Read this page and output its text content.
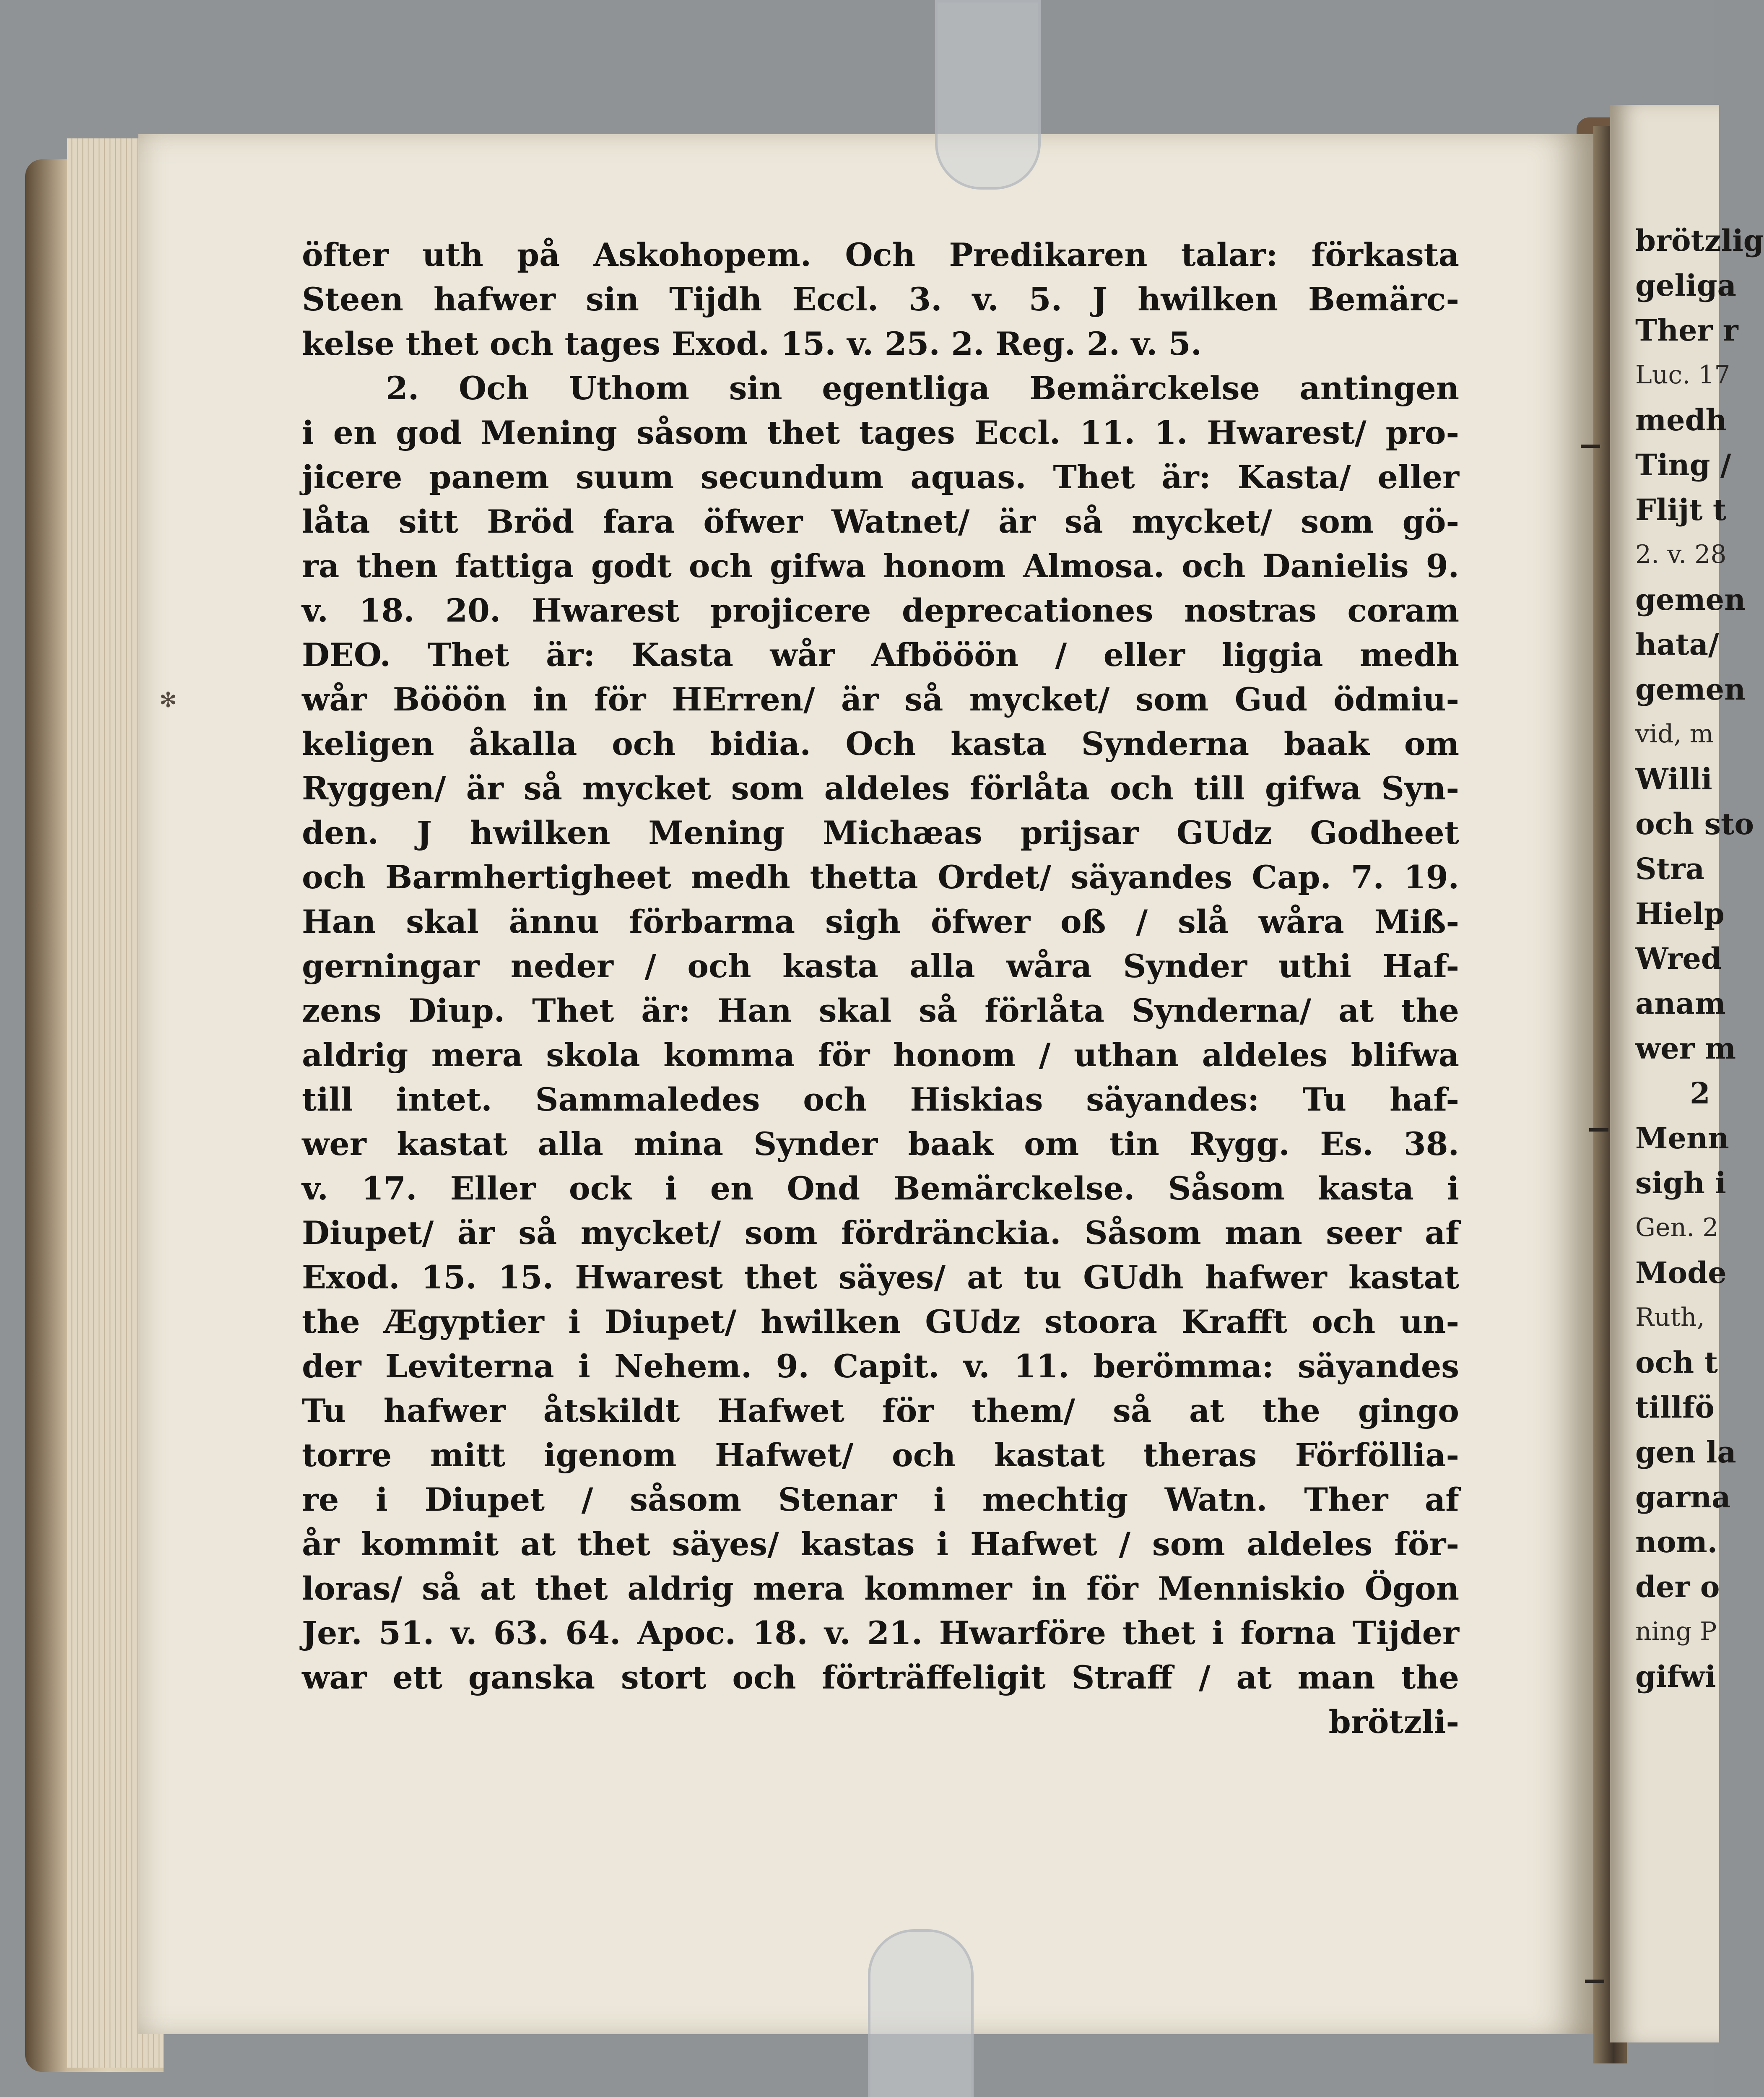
öfter uth på Askohopem. Och Predikaren talar: förkasta
Steen hafwer sin Tijdh Eccl. 3. v. 5. J hwilken Bemärc-
kelse thet och tages Exod. 15. v. 25. 2. Reg. 2. v. 5.
2. Och Uthom sin egentliga Bemärckelse antingen
i en god Mening såsom thet tages Eccl. 11. 1. Hwarest/ pro-
jicere panem suum secundum aquas. Thet är: Kasta/ eller
låta sitt Bröd fara öfwer Watnet/ är så mycket/ som gö-
ra then fattiga godt och gifwa honom Almosa. och Danielis 9.
v. 18. 20. Hwarest projicere deprecationes nostras coram
DEO. Thet är: Kasta wår Afbööön / eller liggia medh
wår Bööön in för HErren/ är så mycket/ som Gud ödmiu-
keligen åkalla och bidia. Och kasta Synderna baak om
Ryggen/ är så mycket som aldeles förlåta och till gifwa Syn-
den. J hwilken Mening Michæas prijsar GUdz Godheet
och Barmhertigheet medh thetta Ordet/ säyandes Cap. 7. 19.
Han skal ännu förbarma sigh öfwer oß / slå wåra Miß-
gerningar neder / och kasta alla wåra Synder uthi Haf-
zens Diup. Thet är: Han skal så förlåta Synderna/ at the
aldrig mera skola komma för honom / uthan aldeles blifwa
till intet. Sammaledes och Hiskias säyandes: Tu haf-
wer kastat alla mina Synder baak om tin Rygg. Es. 38.
v. 17. Eller ock i en Ond Bemärckelse. Såsom kasta i
Diupet/ är så mycket/ som fördränckia. Såsom man seer af
Exod. 15. 15. Hwarest thet säyes/ at tu GUdh hafwer kastat
the Ægyptier i Diupet/ hwilken GUdz stoora Krafft och un-
der Leviterna i Nehem. 9. Capit. v. 11. berömma: säyandes
Tu hafwer åtskildt Hafwet för them/ så at the gingo
torre mitt igenom Hafwet/ och kastat theras Förföllia-
re i Diupet / såsom Stenar i mechtig Watn. Ther af
år kommit at thet säyes/ kastas i Hafwet / som aldeles för-
loras/ så at thet aldrig mera kommer in för Menniskio Ögon
Jer. 51. v. 63. 64. Apoc. 18. v. 21. Hwarföre thet i forna Tijder
war ett ganska stort och förträffeligit Straff / at man the
brötzli-
brötzlig
geliga
Ther r
Luc. 17
medh
Ting /
Flijt t
2. v. 28
gemen
hata/
gemen
vid, m
Willi
och sto
Stra
Hielp
Wred
anam
wer m
2
Menn
sigh i
Gen. 2
Mode
Ruth,
och t
tillfö
gen la
garna
nom.
der o
ning P
gifwi
✻
